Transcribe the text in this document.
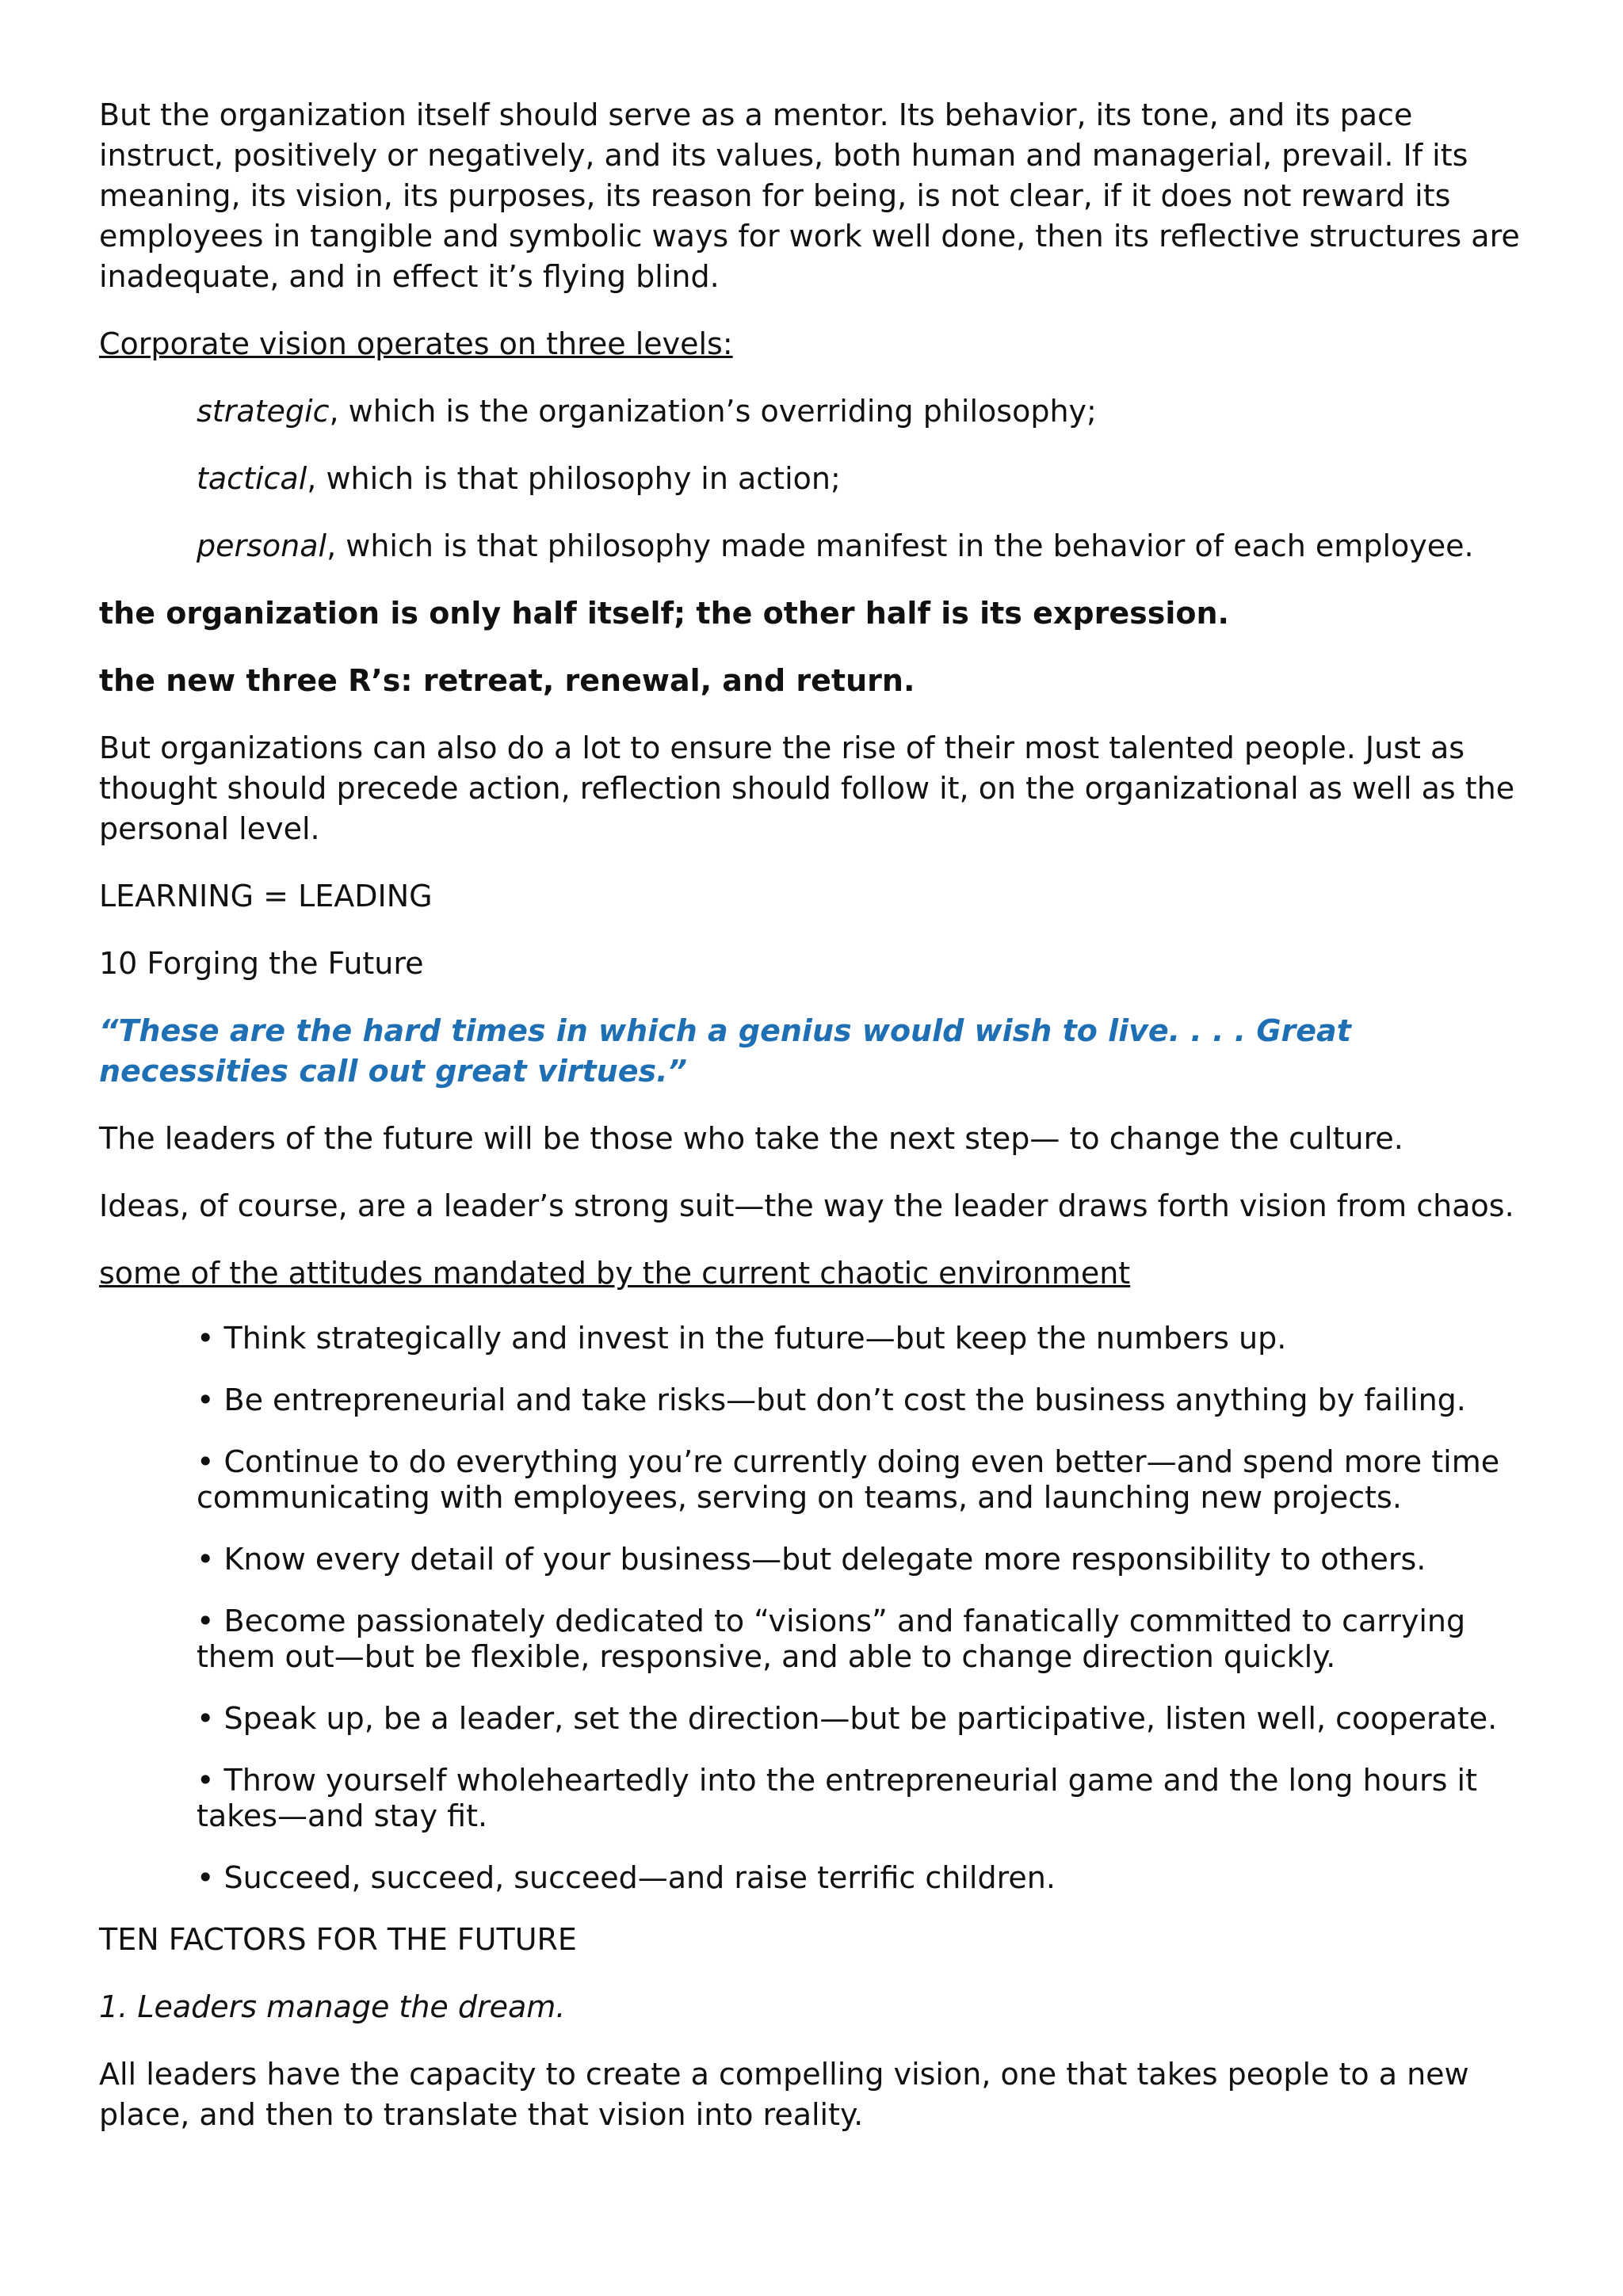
But the organization itself should serve as a mentor. Its behavior, its tone, and its pace instruct, positively or negatively, and its values, both human and managerial, prevail. If its meaning, its vision, its purposes, its reason for being, is not clear, if it does not reward its employees in tangible and symbolic ways for work well done, then its reflective structures are inadequate, and in effect it’s flying blind.

Corporate vision operates on three levels:

strategic, which is the organization’s overriding philosophy;

tactical, which is that philosophy in action;

personal, which is that philosophy made manifest in the behavior of each employee.

the organization is only half itself; the other half is its expression.

the new three R’s: retreat, renewal, and return.

But organizations can also do a lot to ensure the rise of their most talented people. Just as thought should precede action, reflection should follow it, on the organizational as well as the personal level.

LEARNING = LEADING

10 Forging the Future

“These are the hard times in which a genius would wish to live. . . . Great necessities call out great virtues.”

The leaders of the future will be those who take the next step— to change the culture.

Ideas, of course, are a leader’s strong suit—the way the leader draws forth vision from chaos.

some of the attitudes mandated by the current chaotic environment

• Think strategically and invest in the future—but keep the numbers up.

• Be entrepreneurial and take risks—but don’t cost the business anything by failing.

• Continue to do everything you’re currently doing even better—and spend more time communicating with employees, serving on teams, and launching new projects.

• Know every detail of your business—but delegate more responsibility to others.

• Become passionately dedicated to “visions” and fanatically committed to carrying them out—but be flexible, responsive, and able to change direction quickly.

• Speak up, be a leader, set the direction—but be participative, listen well, cooperate.

• Throw yourself wholeheartedly into the entrepreneurial game and the long hours it takes—and stay fit.

• Succeed, succeed, succeed—and raise terrific children.

TEN FACTORS FOR THE FUTURE

1. Leaders manage the dream.

All leaders have the capacity to create a compelling vision, one that takes people to a new place, and then to translate that vision into reality.
